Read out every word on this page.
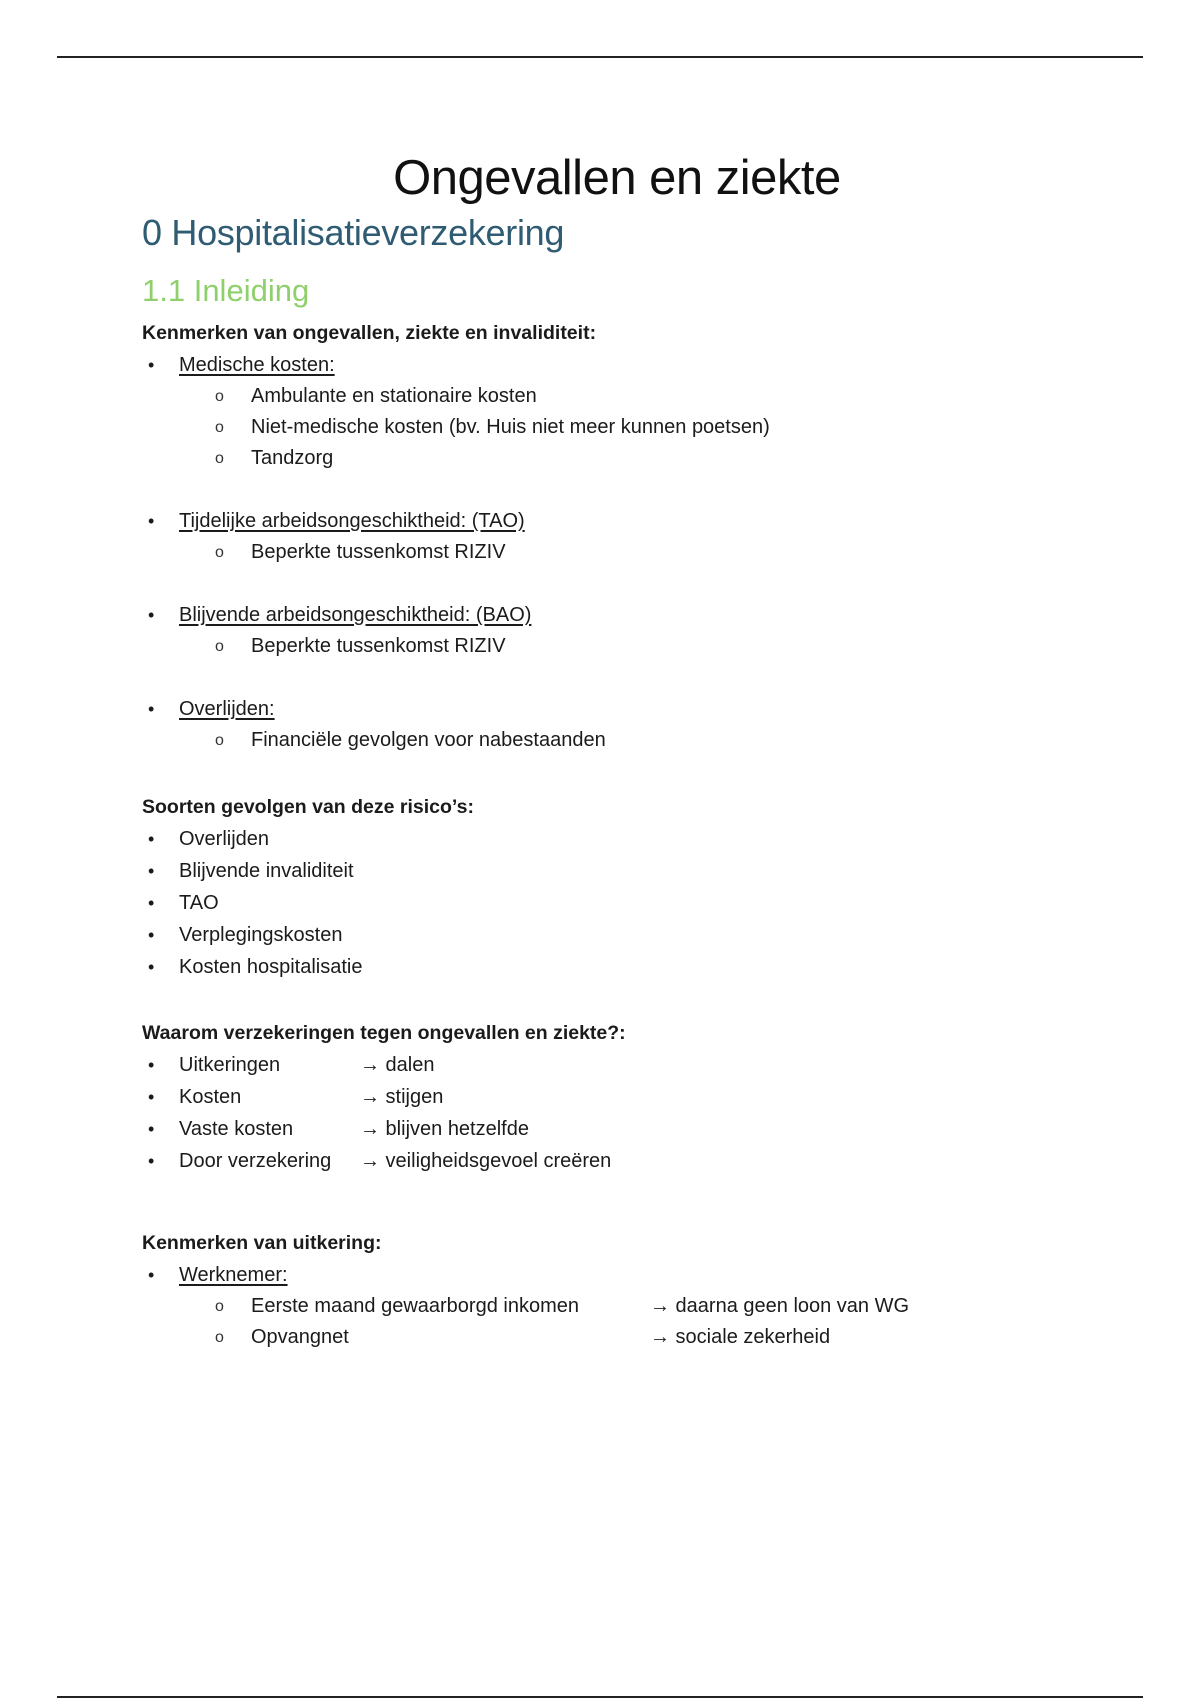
Ongevallen en ziekte
0 Hospitalisatieverzekering
1.1 Inleiding
Kenmerken van ongevallen, ziekte en invaliditeit:
•	Medische kosten:
o Ambulante en stationaire kosten
o Niet-medische kosten (bv. Huis niet meer kunnen poetsen)
o Tandzorg
•	Tijdelijke arbeidsongeschiktheid: (TAO)
o Beperkte tussenkomst RIZIV
•	Blijvende arbeidsongeschiktheid: (BAO)
o Beperkte tussenkomst RIZIV
•	Overlijden:
o Financiële gevolgen voor nabestaanden
Soorten gevolgen van deze risico’s:
•	Overlijden
•	Blijvende invaliditeit
•	TAO
•	Verplegingskosten
•	Kosten hospitalisatie
Waarom verzekeringen tegen ongevallen en ziekte?:
•	Uitkeringen	→ dalen
•	Kosten	→ stijgen
•	Vaste kosten	→ blijven hetzelfde
•	Door verzekering → veiligheidsgevoel creëren
Kenmerken van uitkering:
•	Werknemer:
o Eerste maand gewaarborgd inkomen	→ daarna geen loon van WG
o Opvangnet	→ sociale zekerheid
